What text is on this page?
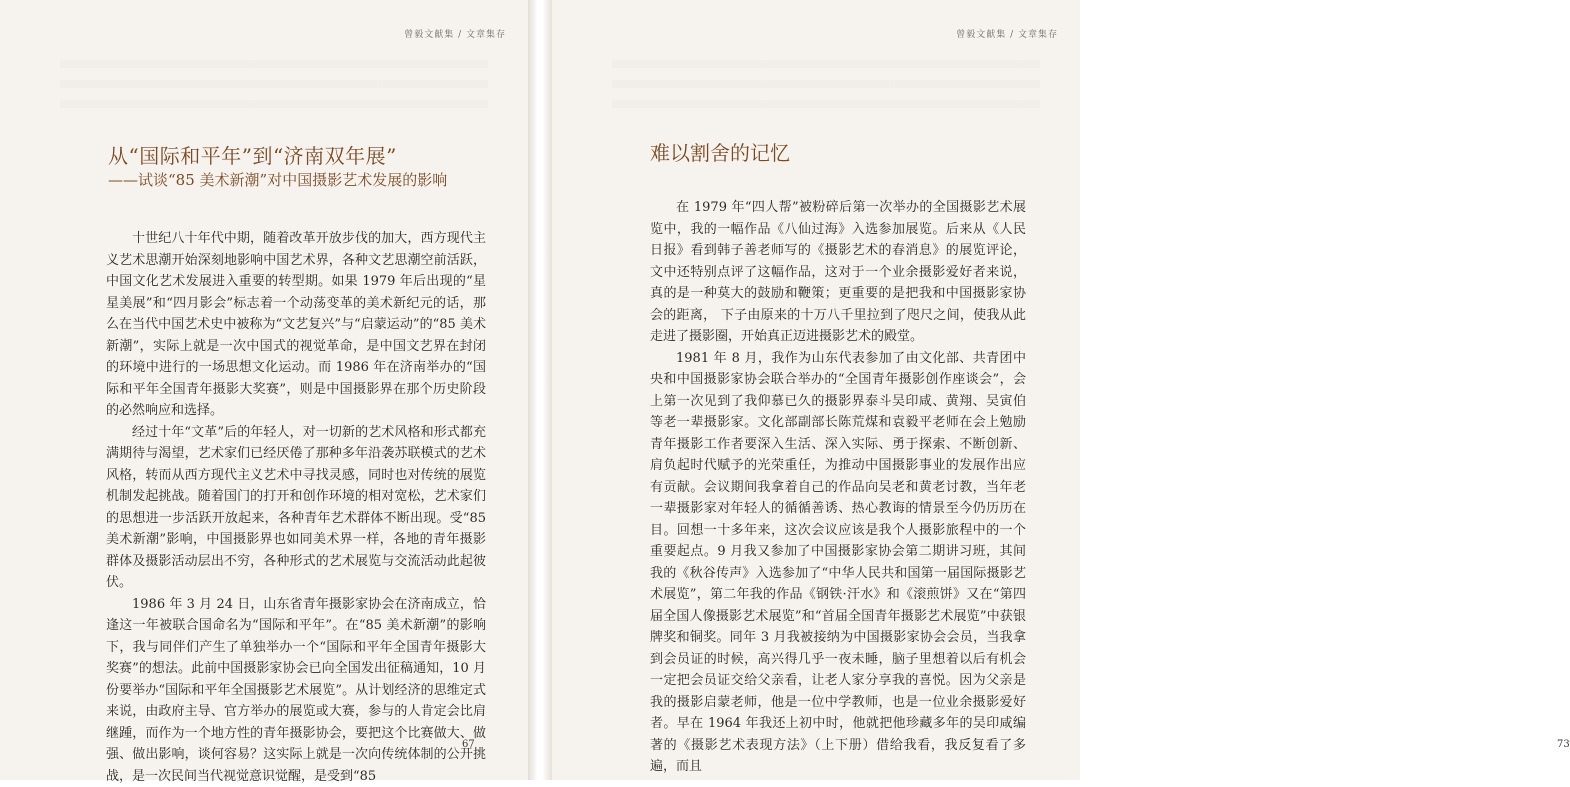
曾毅文献集 / 文章集存
从“国际和平年”到“济南双年展”
——试谈“85 美术新潮”对中国摄影艺术发展的影响

十世纪八十年代中期，随着改革开放步伐的加大，西方现代主义艺术思潮开始深刻地影响中国艺术界，各种文艺思潮空前活跃，中国文化艺术发展进入重要的转型期。如果 1979 年后出现的“星星美展”和“四月影会”标志着一个动荡变革的美术新纪元的话，那么在当代中国艺术史中被称为“文艺复兴”与“启蒙运动”的“85 美术新潮”，实际上就是一次中国式的视觉革命，是中国文艺界在封闭的环境中进行的一场思想文化运动。而 1986 年在济南举办的“国际和平年全国青年摄影大奖赛”，则是中国摄影界在那个历史阶段的必然响应和选择。

经过十年“文革”后的年轻人，对一切新的艺术风格和形式都充满期待与渴望，艺术家们已经厌倦了那种多年沿袭苏联模式的艺术风格，转而从西方现代主义艺术中寻找灵感，同时也对传统的展览机制发起挑战。随着国门的打开和创作环境的相对宽松，艺术家们的思想进一步活跃开放起来，各种青年艺术群体不断出现。受“85 美术新潮”影响，中国摄影界也如同美术界一样，各地的青年摄影群体及摄影活动层出不穷，各种形式的艺术展览与交流活动此起彼伏。

1986 年 3 月 24 日，山东省青年摄影家协会在济南成立，恰逢这一年被联合国命名为“国际和平年”。在“85 美术新潮”的影响下，我与同伴们产生了单独举办一个“国际和平年全国青年摄影大奖赛”的想法。此前中国摄影家协会已向全国发出征稿通知，10 月份要举办“国际和平年全国摄影艺术展览”。从计划经济的思维定式来说，由政府主导、官方举办的展览或大赛，参与的人肯定会比肩继踵，而作为一个地方性的青年摄影协会，要把这个比赛做大、做强、做出影响，谈何容易？这实际上就是一次向传统体制的公开挑战，是一次民间当代视觉意识觉醒，是受到“85

67
曾毅文献集 / 文章集存
73
难以割舍的记忆

在 1979 年“四人帮”被粉碎后第一次举办的全国摄影艺术展览中，我的一幅作品《八仙过海》入选参加展览。后来从《人民日报》看到韩子善老师写的《摄影艺术的春消息》的展览评论，文中还特别点评了这幅作品，这对于一个业余摄影爱好者来说，真的是一种莫大的鼓励和鞭策；更重要的是把我和中国摄影家协会的距离， 下子由原来的十万八千里拉到了咫尺之间，使我从此走进了摄影圈，开始真正迈进摄影艺术的殿堂。

1981 年 8 月，我作为山东代表参加了由文化部、共青团中央和中国摄影家协会联合举办的“全国青年摄影创作座谈会”，会上第一次见到了我仰慕已久的摄影界泰斗吴印咸、黄翔、吴寅伯等老一辈摄影家。文化部副部长陈荒煤和袁毅平老师在会上勉励青年摄影工作者要深入生活、深入实际、勇于探索、不断创新、肩负起时代赋予的光荣重任，为推动中国摄影事业的发展作出应有贡献。会议期间我拿着自己的作品向吴老和黄老讨教，当年老一辈摄影家对年轻人的循循善诱、热心教诲的情景至今仍历历在目。回想一十多年来，这次会议应该是我个人摄影旅程中的一个重要起点。9 月我又参加了中国摄影家协会第二期讲习班，其间我的《秋谷传声》入选参加了“中华人民共和国第一届国际摄影艺术展览”，第二年我的作品《钢铁·汗水》和《滚煎饼》又在“第四届全国人像摄影艺术展览”和“首届全国青年摄影艺术展览”中获银牌奖和铜奖。同年 3 月我被接纳为中国摄影家协会会员，当我拿到会员证的时候，高兴得几乎一夜未睡，脑子里想着以后有机会一定把会员证交给父亲看，让老人家分享我的喜悦。因为父亲是我的摄影启蒙老师，他是一位中学教师，也是一位业余摄影爱好者。早在 1964 年我还上初中时，他就把他珍藏多年的吴印咸编著的《摄影艺术表现方法》（上下册）借给我看，我反复看了多遍，而且
